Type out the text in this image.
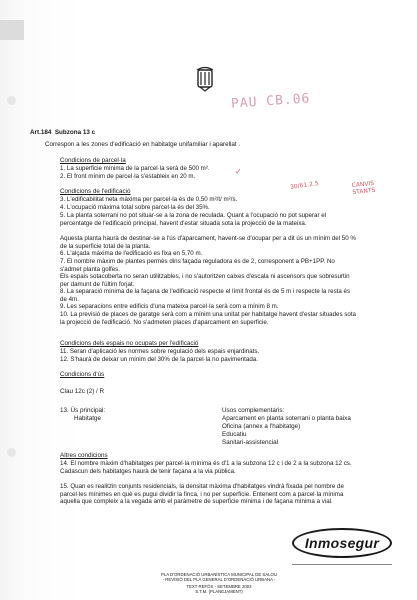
PAU CB.06
✓
30/61.2.5	CANVIS
STANTS
Art.184 Subzona 13 c
Correspon a les zones d'edificació en habitatge unifamiliar i aparellat .
Condicions de parcel·la
1. La superficie mínima de la parcel·la serà de 500 m².
2. El front mínim de parcel·la s'estableix en 20 m.
Condicions de l'edificació
3. L'edificabilitat neta màxima per parcel·la és de 0,50 m²/t/ m²/s.
4. L'ocupació màxima total sobre parcel·la és del 35%.
5. La planta soterrani no pot situar-se a la zona de reculada. Quant a l'ocupació no pot superar el percentatge de l'edificació principal, havent d'estar situada sota la projecció de la mateixa.
Aquesta planta haurà de destinar-se a l'ús d'aparcament, havent-se d'ocupar per a dit ús un mínim del 50 % de la superficie total de la planta.
6. L'alçada màxima de l'edificació es fixa en 5,70 m.
7. El nombre màxim de plantes permès dins façada reguladora és de 2, corresponent a PB+1PP. No s'admet planta golfes.
Els espais sotacoberta no seran utilitzables, i no s'autoritzen calxes d'escala ni ascensors que sobresurtin per damunt de l'últim forjat.
8. La separació mínima de la façana de l'edificació respecte el límit frontal és de 5 m i respecte la resta és de 4m.
9. Les separacions entre edificis d'una mateixa parcel·la serà com a mínim 8 m.
10. La previsió de places de garatge serà com a mínim una unitat per habitatge havent d'estar situades sota la projecció de l'edificació. No s'admeten places d'aparcament en superficie.
Condicions dels espais no ocupats per l'edificació
11. Seran d'aplicació les normes sobre regulació dels espais enjardinats.
12. S'haurà de deixar un mínim del 30% de la parcel·la no pavimentada.
Condicions d'ús
Clau 12c (2) / R
13. Ús principal:
Habitatge
Usos complementaris:
Aparcament en planta soterrani o planta baixa
Oficina (annex a l'habitatge)
Educatiu
Sanitari-assistencial
Altres condicions
14. El nombre màxim d'habitatges per parcel·la mínima és d'1 a la subzona 12 c i de 2 a la subzona 12 cs. Cadascun dels habitatges haurà de tenir façana a la via pública.
15. Quan es realitzin conjunts residencials, la densitat màxima d'habitatges vindrà fixada pel nombre de parcel·les mínimes en què es pugui dividir la finca, i no per superficie. Entenent com a parcel·la mínima aquella que compleix a la vegada amb el paràmetre de superficie mínima i de façana mínima a vial.
PLA D'ORDENACIÓ URBANÍSTICA MUNICIPAL DE SALOU
- REVISIÓ DEL PLA GENERAL D'ORDENACIÓ URBANA -
TEXT REFÓS - SETEMBRE 2003
S.T.M. (PLANEJAMENT)
Inmosegur
